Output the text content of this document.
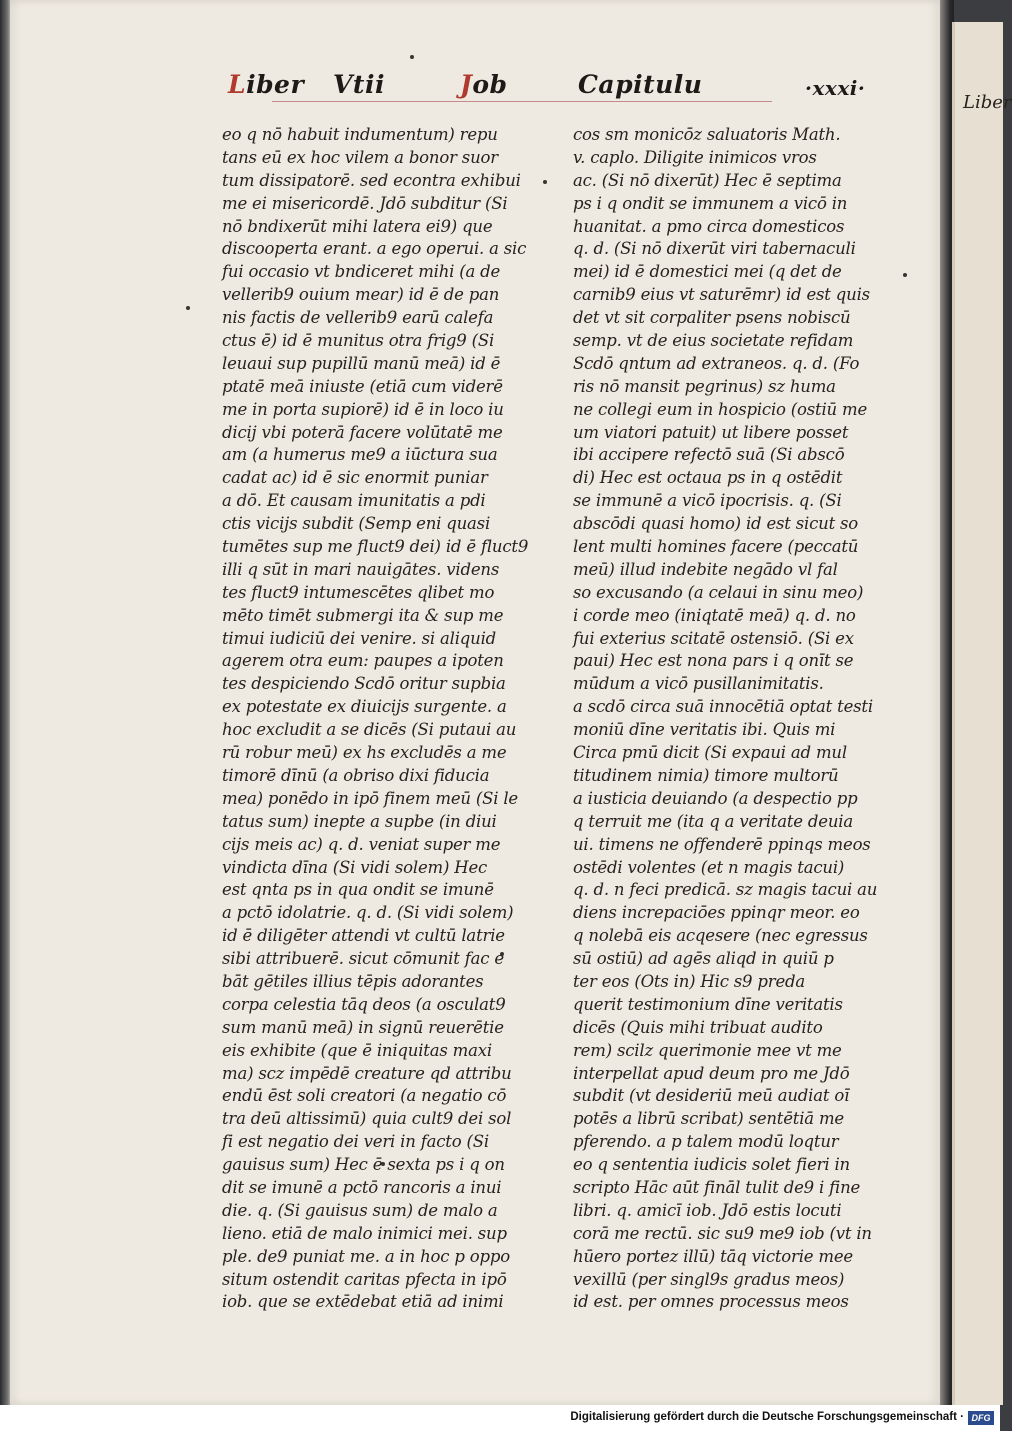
Liber Vtii	Job	Capitulu	·xxxi·
eo q nō habuit indumentum) repu
tans eū ex hoc vilem a bonor suor
tum dissipatorē. sed econtra exhibui
me ei misericordē. Jdō subditur (Si
nō bndixerūt mihi latera ei9) que
discooperta erant. a ego operui. a sic
fui occasio vt bndiceret mihi (a de
vellerib9 ouium mear) id ē de pan
nis factis de vellerib9 earū calefa
ctus ē) id ē munitus otra frig9 (Si
leuaui sup pupillū manū meā) id ē
ptatē meā iniuste (etiā cum viderē
me in porta supiorē) id ē in loco iu
dicij vbi poterā facere volūtatē me
am (a humerus me9 a iūctura sua
cadat ac) id ē sic enormit puniar
a dō. Et causam imunitatis a pdi
ctis vicijs subdit (Semp eni quasi
tumētes sup me fluct9 dei) id ē fluct9
illi q sūt in mari nauigātes. videns
tes fluct9 intumescētes qlibet mo
mēto timēt submergi ita & sup me
timui iudiciū dei venire. si aliquid
agerem otra eum: paupes a ipoten
tes despiciendo Scdō oritur supbia
ex potestate ex diuicijs surgente. a
hoc excludit a se dicēs (Si putaui au
rū robur meū) ex hs excludēs a me
timorē dīnū (a obriso dixi fiducia
mea) ponēdo in ipō finem meū (Si le
tatus sum) inepte a supbe (in diui
cijs meis ac) q. d. veniat super me
vindicta dīna (Si vidi solem) Hec
est qnta ps in qua ondit se imunē
a pctō idolatrie. q. d. (Si vidi solem)
id ē diligēter attendi vt cultū latrie
sibi attribuerē. sicut cōmunit fac e
bāt gētiles illius tēpis adorantes
corpa celestia tāq deos (a osculat9
sum manū meā) in signū reuerētie
eis exhibite (que ē iniquitas maxi
ma) scz impēdē creature qd attribu
endū ēst soli creatori (a negatio cō
tra deū altissimū) quia cult9 dei sol
fi est negatio dei veri in facto (Si
gauisus sum) Hec ē sexta ps i q on
dit se imunē a pctō rancoris a inui
die. q. (Si gauisus sum) de malo a
lieno. etiā de malo inimici mei. sup
ple. de9 puniat me. a in hoc p oppo
situm ostendit caritas pfecta in ipō
iob. que se extēdebat etiā ad inimi
cos sm monicōz saluatoris Math.
v. caplo. Diligite inimicos vros
ac. (Si nō dixerūt) Hec ē septima
ps i q ondit se immunem a vicō in
huanitat. a pmo circa domesticos
q. d. (Si nō dixerūt viri tabernaculi
mei) id ē domestici mei (q det de
carnib9 eius vt saturēmr) id est quis
det vt sit corpaliter psens nobiscū
semp. vt de eius societate refidam
Scdō qntum ad extraneos. q. d. (Fo
ris nō mansit pegrinus) sz huma
ne collegi eum in hospicio (ostiū me
um viatori patuit) ut libere posset
ibi accipere refectō suā (Si abscō
di) Hec est octaua ps in q ostēdit
se immunē a vicō ipocrisis. q. (Si
abscōdi quasi homo) id est sicut so
lent multi homines facere (peccatū
meū) illud indebite negādo vl fal
so excusando (a celaui in sinu meo)
i corde meo (iniqtatē meā) q. d. no
fui exterius scitatē ostensiō. (Si ex
paui) Hec est nona pars i q onīt se
mūdum a vicō pusillanimitatis.
a scdō circa suā innocētiā optat testi
moniū dīne veritatis ibi. Quis mi
Circa pmū dicit (Si expaui ad mul
titudinem nimia) timore multorū
a iusticia deuiando (a despectio pp
q terruit me (ita q a veritate deuia
ui. timens ne offenderē ppinqs meos
ostēdi volentes (et n magis tacui)
q. d. n feci predicā. sz magis tacui au
diens increpaciōes ppinqr meor. eo
q nolebā eis acqesere (nec egressus
sū ostiū) ad agēs aliqd in quiū p
ter eos (Ots in) Hic s9 preda
querit testimonium dīne veritatis
dicēs (Quis mihi tribuat audito
rem) scilz querimonie mee vt me
interpellat apud deum pro me Jdō
subdit (vt desideriū meū audiat oī
potēs a librū scribat) sentētiā me
pferendo. a p talem modū loqtur
eo q sententia iudicis solet fieri in
scripto Hāc aūt fināl tulit de9 i fine
libri. q. amicī iob. Jdō estis locuti
corā me rectū. sic su9 me9 iob (vt in
hūero portez illū) tāq victorie mee
vexillū (per singl9s gradus meos)
id est. per omnes processus meos
Liber
Digitalisierung gefördert durch die Deutsche Forschungsgemeinschaft · DFG
